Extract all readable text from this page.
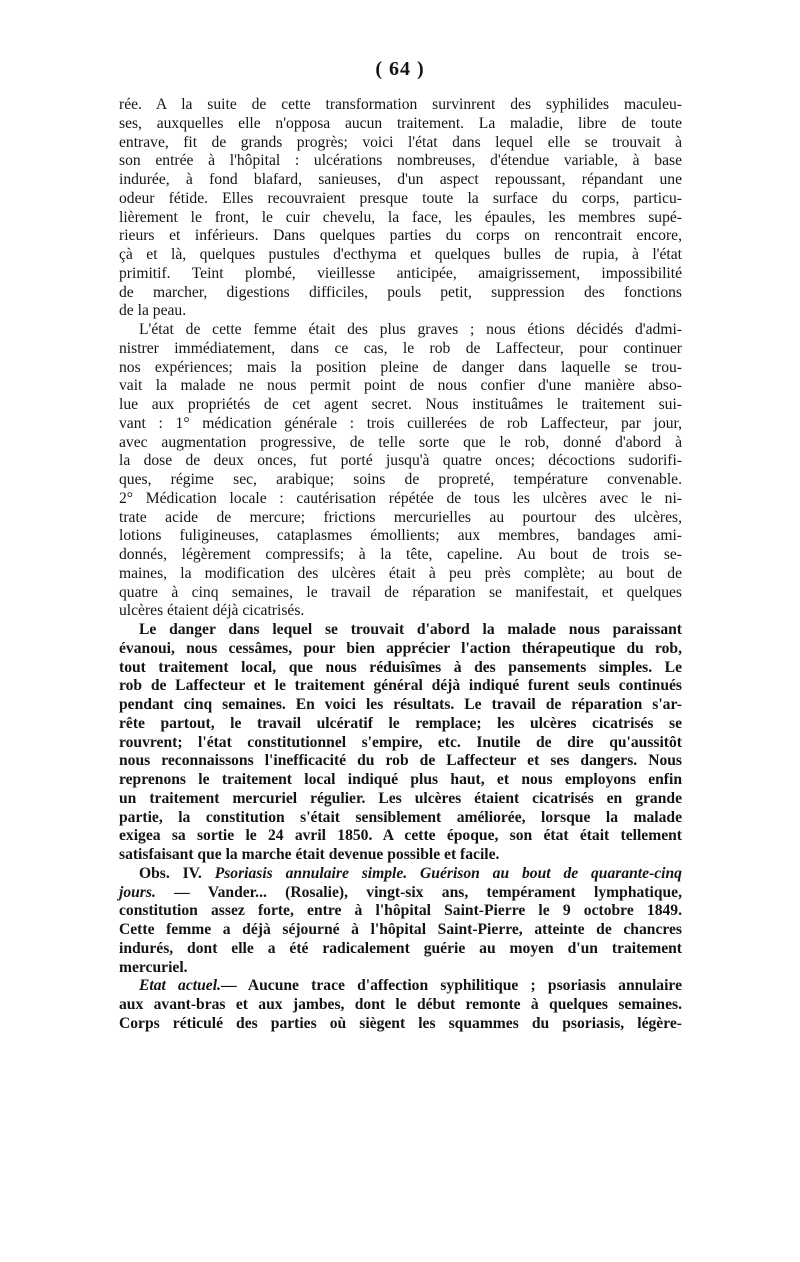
( 64 )
rée. A la suite de cette transformation survinrent des syphilides maculeu-
ses, auxquelles elle n'opposa aucun traitement. La maladie, libre de toute
entrave, fit de grands progrès; voici l'état dans lequel elle se trouvait à
son entrée à l'hôpital : ulcérations nombreuses, d'étendue variable, à base
indurée, à fond blafard, sanieuses, d'un aspect repoussant, répandant une
odeur fétide. Elles recouvraient presque toute la surface du corps, particu-
lièrement le front, le cuir chevelu, la face, les épaules, les membres supé-
rieurs et inférieurs. Dans quelques parties du corps on rencontrait encore,
çà et là, quelques pustules d'ecthyma et quelques bulles de rupia, à l'état
primitif. Teint plombé, vieillesse anticipée, amaigrissement, impossibilité
de marcher, digestions difficiles, pouls petit, suppression des fonctions
de la peau.
L'état de cette femme était des plus graves ; nous étions décidés d'admi-
nistrer immédiatement, dans ce cas, le rob de Laffecteur, pour continuer
nos expériences; mais la position pleine de danger dans laquelle se trou-
vait la malade ne nous permit point de nous confier d'une manière abso-
lue aux propriétés de cet agent secret. Nous instituâmes le traitement sui-
vant : 1° médication générale : trois cuillerées de rob Laffecteur, par jour,
avec augmentation progressive, de telle sorte que le rob, donné d'abord à
la dose de deux onces, fut porté jusqu'à quatre onces; décoctions sudorifi-
ques, régime sec, arabique; soins de propreté, température convenable.
2° Médication locale : cautérisation répétée de tous les ulcères avec le ni-
trate acide de mercure; frictions mercurielles au pourtour des ulcères,
lotions fuligineuses, cataplasmes émollients; aux membres, bandages ami-
donnés, légèrement compressifs; à la tête, capeline. Au bout de trois se-
maines, la modification des ulcères était à peu près complète; au bout de
quatre à cinq semaines, le travail de réparation se manifestait, et quelques
ulcères étaient déjà cicatrisés.
Le danger dans lequel se trouvait d'abord la malade nous paraissant
évanoui, nous cessâmes, pour bien apprécier l'action thérapeutique du rob,
tout traitement local, que nous réduisîmes à des pansements simples. Le
rob de Laffecteur et le traitement général déjà indiqué furent seuls continués
pendant cinq semaines. En voici les résultats. Le travail de réparation s'ar-
rête partout, le travail ulcératif le remplace; les ulcères cicatrisés se
rouvrent; l'état constitutionnel s'empire, etc. Inutile de dire qu'aussitôt
nous reconnaissons l'inefficacité du rob de Laffecteur et ses dangers. Nous
reprenons le traitement local indiqué plus haut, et nous employons enfin
un traitement mercuriel régulier. Les ulcères étaient cicatrisés en grande
partie, la constitution s'était sensiblement améliorée, lorsque la malade
exigea sa sortie le 24 avril 1850. A cette époque, son état était tellement
satisfaisant que la marche était devenue possible et facile.
Obs. IV. Psoriasis annulaire simple. Guérison au bout de quarante-cinq
jours. — Vander... (Rosalie), vingt-six ans, tempérament lymphatique,
constitution assez forte, entre à l'hôpital Saint-Pierre le 9 octobre 1849.
Cette femme a déjà séjourné à l'hôpital Saint-Pierre, atteinte de chancres
indurés, dont elle a été radicalement guérie au moyen d'un traitement
mercuriel.
Etat actuel.— Aucune trace d'affection syphilitique ; psoriasis annulaire
aux avant-bras et aux jambes, dont le début remonte à quelques semaines.
Corps réticulé des parties où siègent les squammes du psoriasis, légère-
